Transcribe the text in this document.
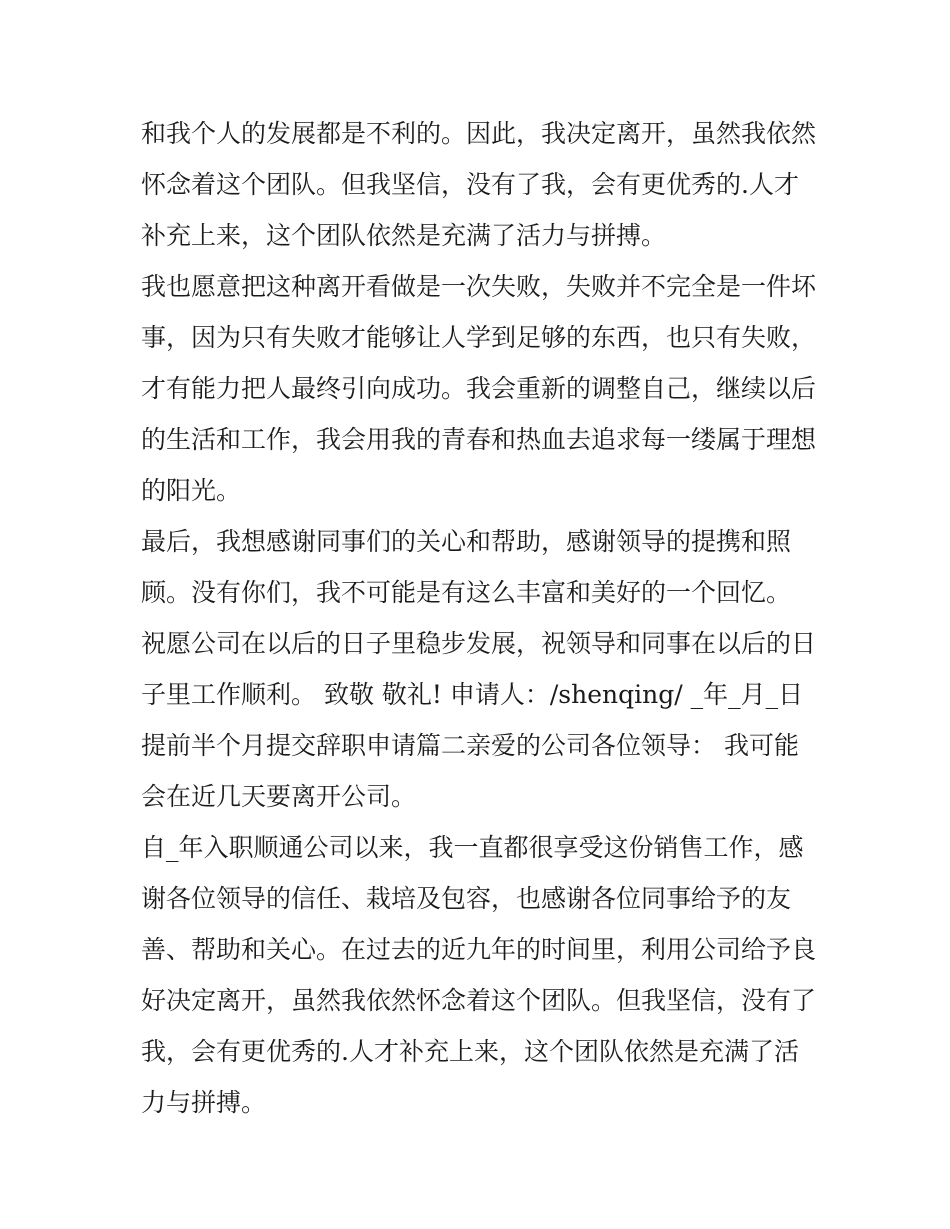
和我个人的发展都是不利的。因此，我决定离开，虽然我依然
怀念着这个团队。但我坚信，没有了我，会有更优秀的.人才
补充上来，这个团队依然是充满了活力与拼搏。
我也愿意把这种离开看做是一次失败，失败并不完全是一件坏
事，因为只有失败才能够让人学到足够的东西，也只有失败，
才有能力把人最终引向成功。我会重新的调整自己，继续以后
的生活和工作，我会用我的青春和热血去追求每一缕属于理想
的阳光。
最后，我想感谢同事们的关心和帮助，感谢领导的提携和照
顾。没有你们，我不可能是有这么丰富和美好的一个回忆。
祝愿公司在以后的日子里稳步发展，祝领导和同事在以后的日
子里工作顺利。 致敬 敬礼! 申请人：/shenqing/ _年_月_日
提前半个月提交辞职申请篇二亲爱的公司各位领导： 我可能
会在近几天要离开公司。
自_年入职顺通公司以来，我一直都很享受这份销售工作，感
谢各位领导的信任、栽培及包容，也感谢各位同事给予的友
善、帮助和关心。在过去的近九年的时间里，利用公司给予良
好决定离开，虽然我依然怀念着这个团队。但我坚信，没有了
我，会有更优秀的.人才补充上来，这个团队依然是充满了活
力与拼搏。
